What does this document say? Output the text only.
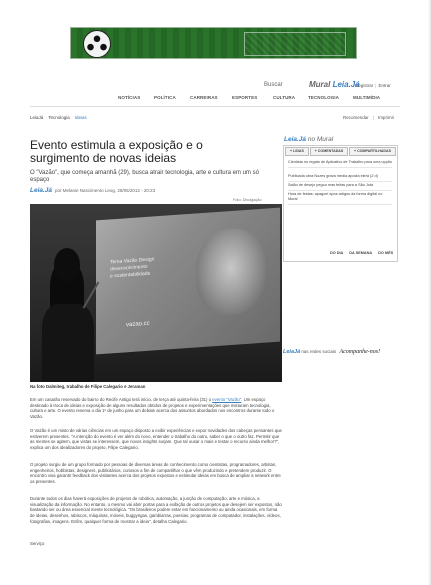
Buscar	Mural Leia.Já
Registrar | Entrar
NOTÍCIAS	POLÍTICA	CARREIRAS	ESPORTES	CULTURA	TECNOLOGIA	MULTIMÍDIA
LeiaJá Tecnologia Ideias	Recomendar | Imprimir
Evento estimula a exposição e o surgimento de novas ideias
O "Vazão", que começa amanhã (29), busca atrair tecnologia, arte e cultura em um só espaço
Leia.Já por Melanie Nascimento Leog, 28/05/2012 - 20:23
Foto: Divulgação
Tema Vazão Design
desenvolvimento
e sustentabilidade
vazao.cc
Na foto Dalmiteg, trabalho de Filipe Calegario e Jeraman

Em um casarão reservado do bairro do Recife Antigo terá início, de terça até quinta-feira (31) o evento "Vazão". Um espaço destinado à troca de ideias e exposição de alguns resultados obtidos de projetos e experimentações que misturam tecnologia, cultura e arte. O evento reserva o dia 1º de junho para um debate acerca dos assuntos abordados nos encontros durante todo o Vazão.

O Vazão é um misto de várias ciências em um espaço disposto a exibir experiências e expor novidades dos cabeças pensantes que estiverem presentes. "A intenção do evento é ver além do novo, entender o trabalho do outro, saber o que o outro faz. Permitir que as mentes se agitem, que vistas se interessem, que novos insights surjam. Que tal ousar o mais e testar o recurso ainda melhor?", explica um dos idealizadores do projeto, Filipe Calegario.

O projeto surgiu de um grupo formado por pessoas de diversas áreas de conhecimento como cientistas, programadores, artistas, engenheiros, hobbistas, designers, publicitários, curiosos a fim de compartilhar o que vêm produzindo e pretendem produzir. O encontro visa garantir feedback dos visitantes acerca dos projetos expostos e estimular ideias em busca de ampliar a network entre os presentes.

Durante todos os dias haverá exposições de projetos de robótica, automação, a junção de computação, arte e música, a visualização da informação. No entanto, o mesmo vai abrir portas para a exibição de outros projetos que desejem ser expostos, não bastando ser ou área essencial mente tecnológica. "Os brasileiros podem estar em funcionamento ou ainda ocasionais, em forma de ideias, desenhos, rabiscos, máquinas, móveis, buggyngas, gambiarras, poesias, programas de computador, instalações, vídeos, fotografias, imagens. Enfim, qualquer forma de mostrar a ideia", detalha Calegario.

Serviço

Leia.Já no Mural
+ LIDAS	+ COMENTADAS	+ COMPARTILHADAS
Cientista no regato de Aplicativo de Trabalho para uma opção
Publicada obra Nozes grava media aposta elerá (2 d)
Salão de desejo pegou mas feitas para a São Jota
Hora de festas: apaguei apos artigos da forma digital no Mural
DO DIA DA SEMANA DO MÊS
LeiaJá nas redes sociais Acompanhe-nos!
